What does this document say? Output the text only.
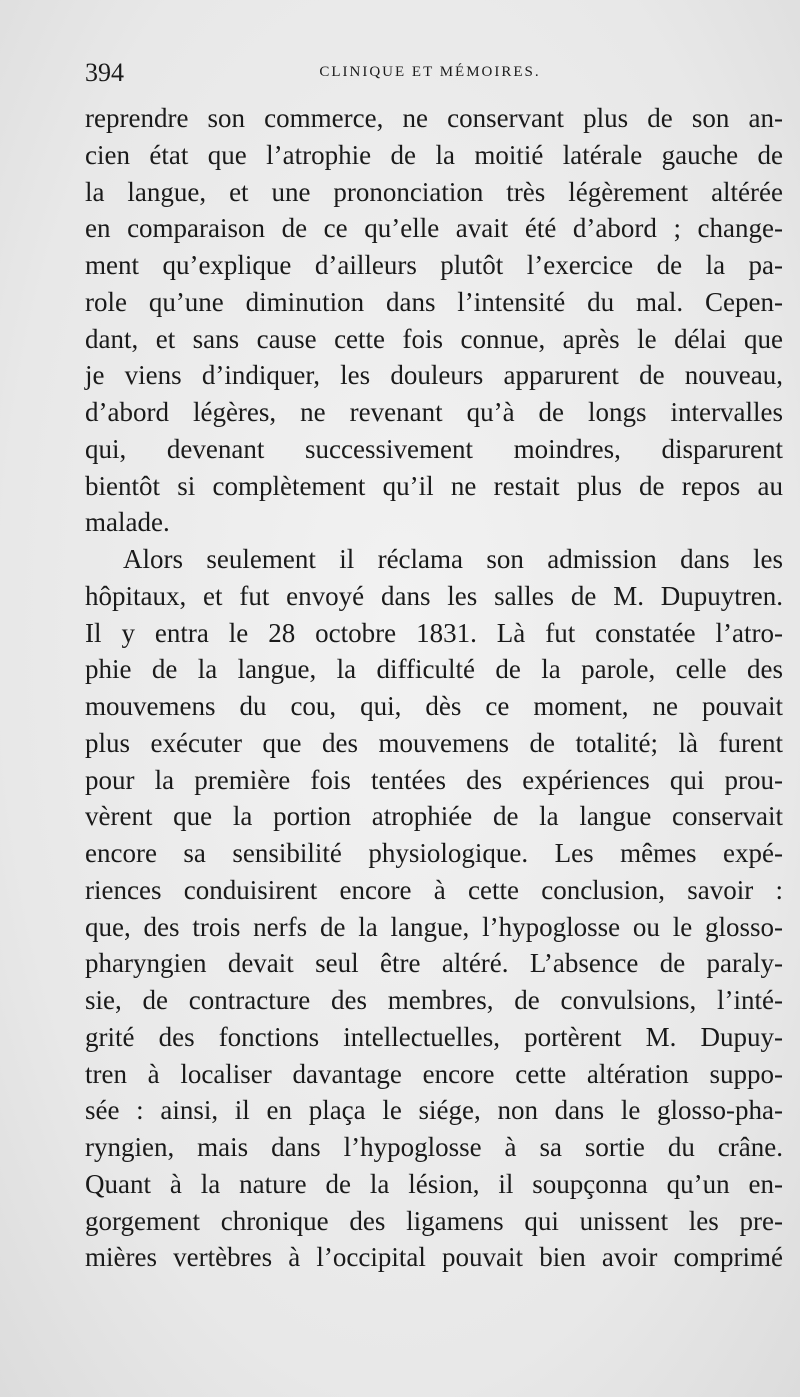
394	CLINIQUE ET MÉMOIRES.
reprendre son commerce, ne conservant plus de son an-
cien état que l’atrophie de la moitié latérale gauche de
la langue, et une prononciation très légèrement altérée
en comparaison de ce qu’elle avait été d’abord ; change-
ment qu’explique d’ailleurs plutôt l’exercice de la pa-
role qu’une diminution dans l’intensité du mal. Cepen-
dant, et sans cause cette fois connue, après le délai que
je viens d’indiquer, les douleurs apparurent de nouveau,
d’abord légères, ne revenant qu’à de longs intervalles
qui, devenant successivement moindres, disparurent
bientôt si complètement qu’il ne restait plus de repos au
malade.
Alors seulement il réclama son admission dans les
hôpitaux, et fut envoyé dans les salles de M. Dupuytren.
Il y entra le 28 octobre 1831. Là fut constatée l’atro-
phie de la langue, la difficulté de la parole, celle des
mouvemens du cou, qui, dès ce moment, ne pouvait
plus exécuter que des mouvemens de totalité; là furent
pour la première fois tentées des expériences qui prou-
vèrent que la portion atrophiée de la langue conservait
encore sa sensibilité physiologique. Les mêmes expé-
riences conduisirent encore à cette conclusion, savoir :
que, des trois nerfs de la langue, l’hypoglosse ou le glosso-
pharyngien devait seul être altéré. L’absence de paraly-
sie, de contracture des membres, de convulsions, l’inté-
grité des fonctions intellectuelles, portèrent M. Dupuy-
tren à localiser davantage encore cette altération suppo-
sée : ainsi, il en plaça le siége, non dans le glosso-pha-
ryngien, mais dans l’hypoglosse à sa sortie du crâne.
Quant à la nature de la lésion, il soupçonna qu’un en-
gorgement chronique des ligamens qui unissent les pre-
mières vertèbres à l’occipital pouvait bien avoir comprimé
